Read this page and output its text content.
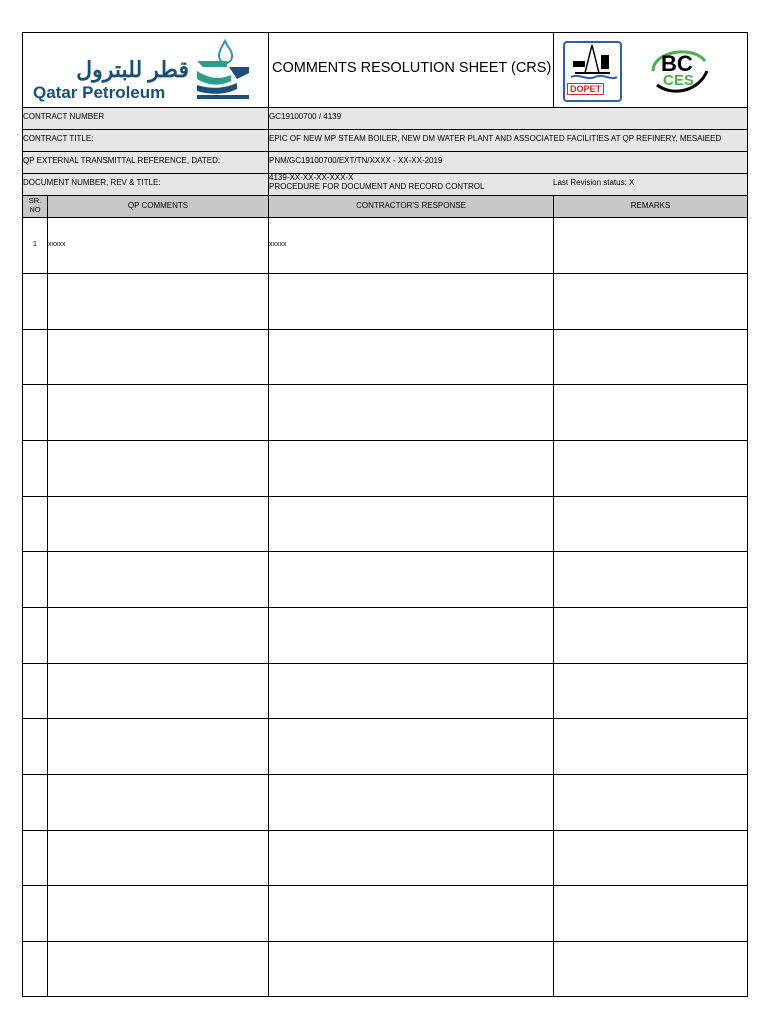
قطر للبترول
Qatar Petroleum
COMMENTS RESOLUTION SHEET (CRS)
DOPET
BC
CES
CONTRACT NUMBER	GC19100700 / 4139
CONTRACT TITLE:	EPIC OF NEW MP STEAM BOILER, NEW DM WATER PLANT AND ASSOCIATED FACILITIES AT QP REFINERY, MESAIEED
QP EXTERNAL TRANSMITTAL REFERENCE, DATED:	PNM/GC19100700/EXT/TN/XXXX - XX-XX-2019
DOCUMENT NUMBER, REV & TITLE:
4139-XX-XX-XX-XXX-X
PROCEDURE FOR DOCUMENT AND RECORD CONTROL	Last Revision status: X
SR. NO	QP COMMENTS	CONTRACTOR'S RESPONSE	REMARKS
1	xxxxx	xxxxx
